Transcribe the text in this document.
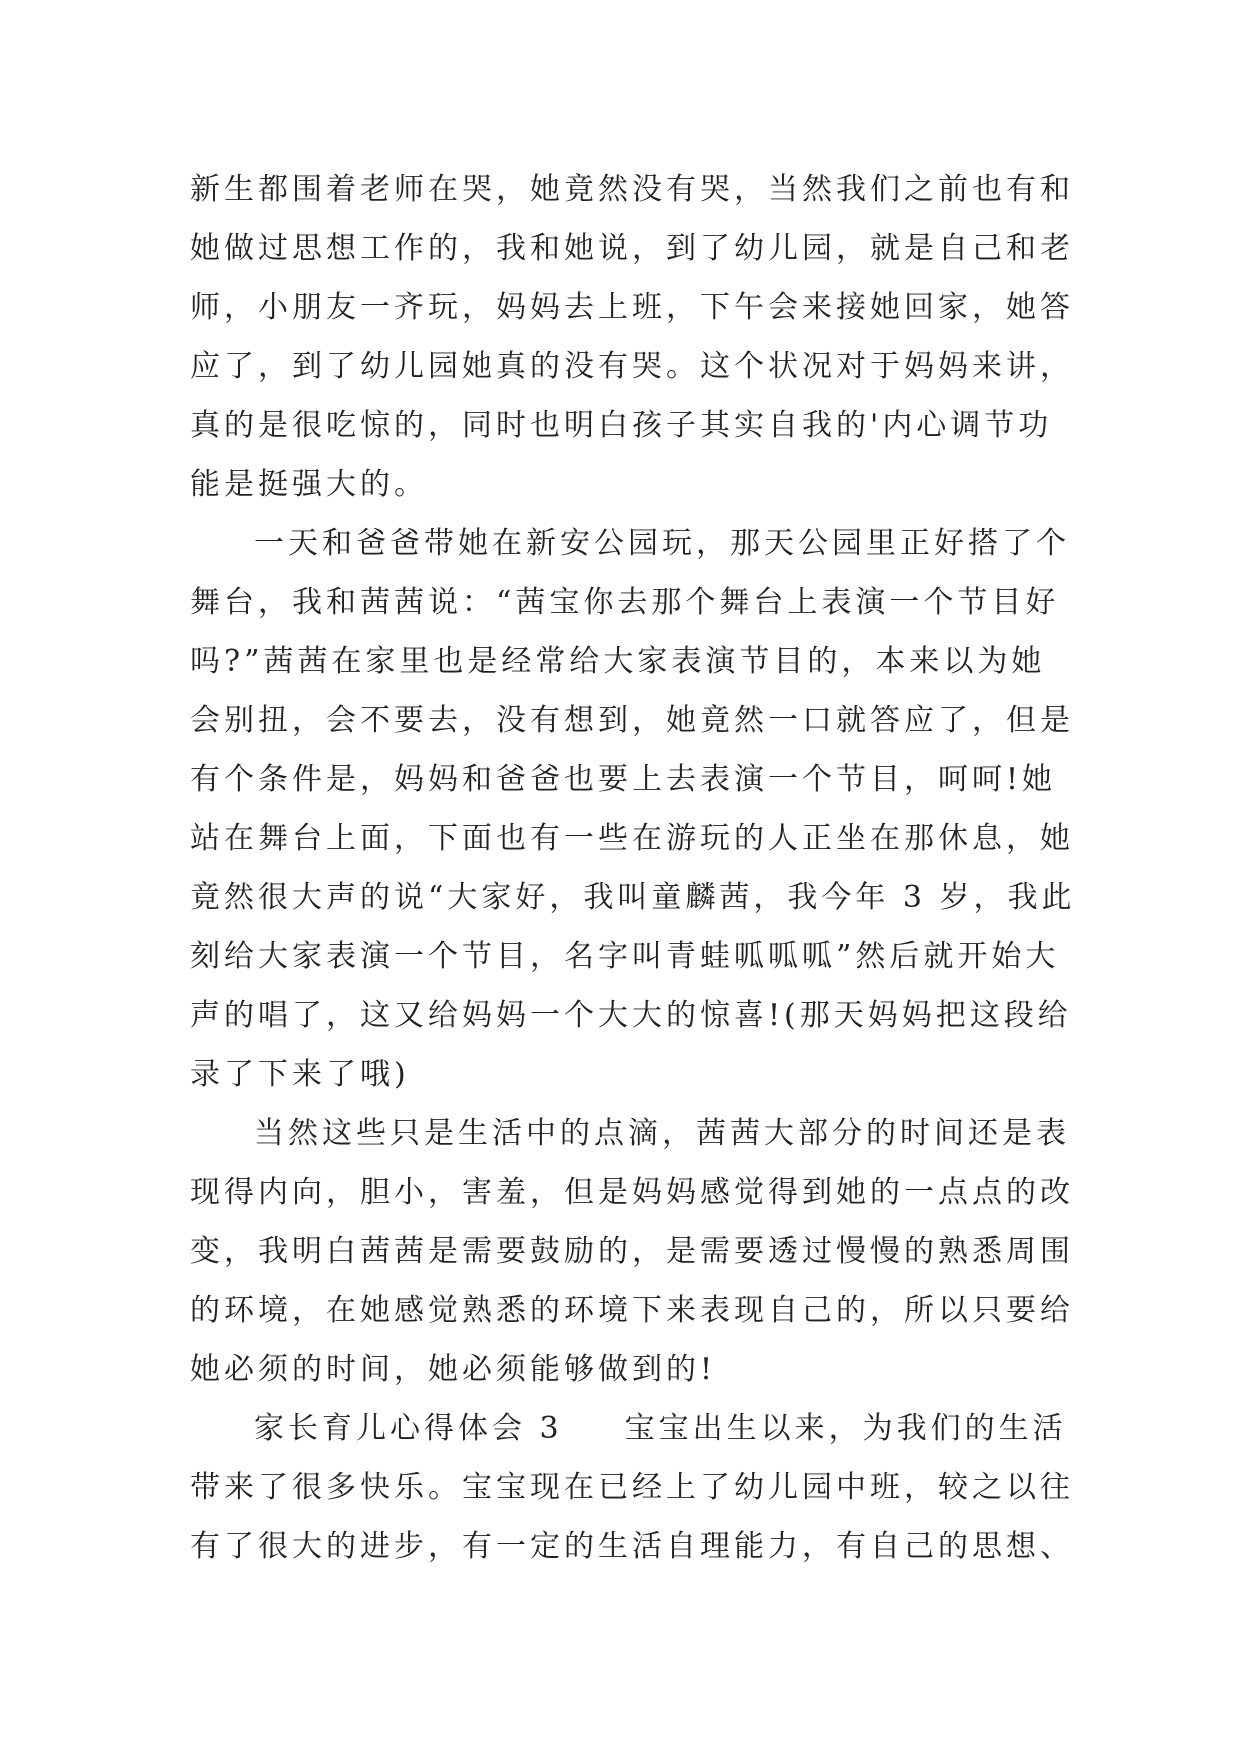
新生都围着老师在哭，她竟然没有哭，当然我们之前也有和
她做过思想工作的，我和她说，到了幼儿园，就是自己和老
师，小朋友一齐玩，妈妈去上班，下午会来接她回家，她答
应了，到了幼儿园她真的没有哭。这个状况对于妈妈来讲，
真的是很吃惊的，同时也明白孩子其实自我的'内心调节功
能是挺强大的。
一天和爸爸带她在新安公园玩，那天公园里正好搭了个
舞台，我和茜茜说：“茜宝你去那个舞台上表演一个节目好
吗?”茜茜在家里也是经常给大家表演节目的，本来以为她
会别扭，会不要去，没有想到，她竟然一口就答应了，但是
有个条件是，妈妈和爸爸也要上去表演一个节目，呵呵!她
站在舞台上面，下面也有一些在游玩的人正坐在那休息，她
竟然很大声的说“大家好，我叫童麟茜，我今年 3 岁，我此
刻给大家表演一个节目，名字叫青蛙呱呱呱”然后就开始大
声的唱了，这又给妈妈一个大大的惊喜!(那天妈妈把这段给
录了下来了哦)
当然这些只是生活中的点滴，茜茜大部分的时间还是表
现得内向，胆小，害羞，但是妈妈感觉得到她的一点点的改
变，我明白茜茜是需要鼓励的，是需要透过慢慢的熟悉周围
的环境，在她感觉熟悉的环境下来表现自己的，所以只要给
她必须的时间，她必须能够做到的!
家长育儿心得体会 3 宝宝出生以来，为我们的生活
带来了很多快乐。宝宝现在已经上了幼儿园中班，较之以往
有了很大的进步，有一定的生活自理能力，有自己的思想、
